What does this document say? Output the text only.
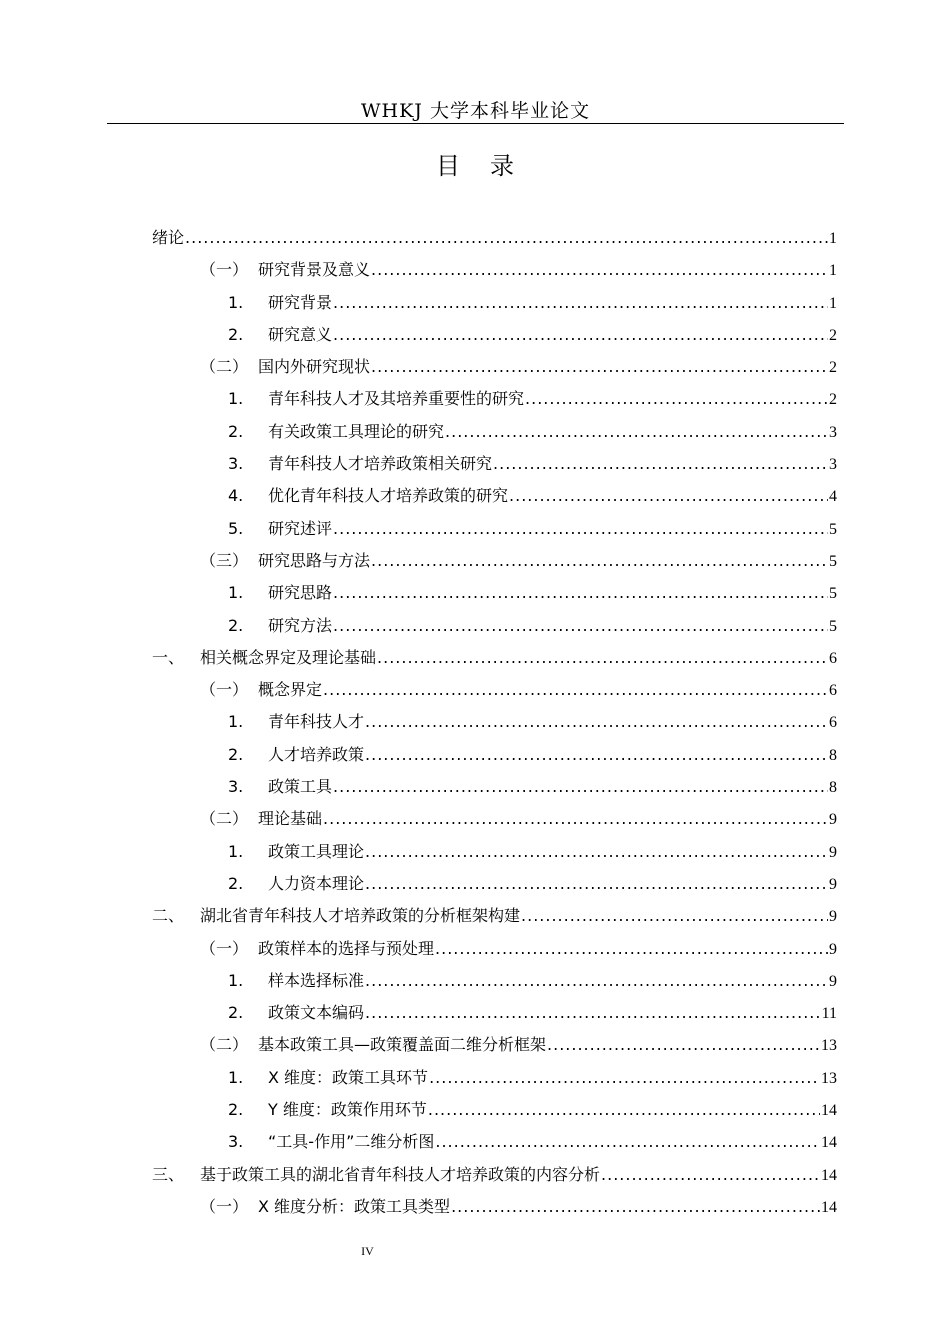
WHKJ 大学本科毕业论文
目录
绪论 .....	1
（一） 研究背景及意义 .....	1
1.	研究背景 .....	1
2.	研究意义 .....	2
（二） 国内外研究现状 .....	2
1.	青年科技人才及其培养重要性的研究 .....	2
2.	有关政策工具理论的研究 .....	3
3.	青年科技人才培养政策相关研究 .....	3
4.	优化青年科技人才培养政策的研究 .....	4
5.	研究述评 .....	5
（三） 研究思路与方法 .....	5
1.	研究思路 .....	5
2.	研究方法 .....	5
一、 相关概念界定及理论基础 .....	6
（一） 概念界定 .....	6
1.	青年科技人才 .....	6
2.	人才培养政策 .....	8
3.	政策工具 .....	8
（二） 理论基础 .....	9
1.	政策工具理论 .....	9
2.	人力资本理论 .....	9
二、 湖北省青年科技人才培养政策的分析框架构建 .....	9
（一） 政策样本的选择与预处理 .....	9
1.	样本选择标准 .....	9
2.	政策文本编码 .....	11
（二） 基本政策工具—政策覆盖面二维分析框架 .....	13
1.	X 维度：政策工具环节 .....	13
2.	Y 维度：政策作用环节 .....	14
3.	“工具-作用”二维分析图 .....	14
三、 基于政策工具的湖北省青年科技人才培养政策的内容分析 .....	14
（一） X 维度分析：政策工具类型 .....	14
IV
